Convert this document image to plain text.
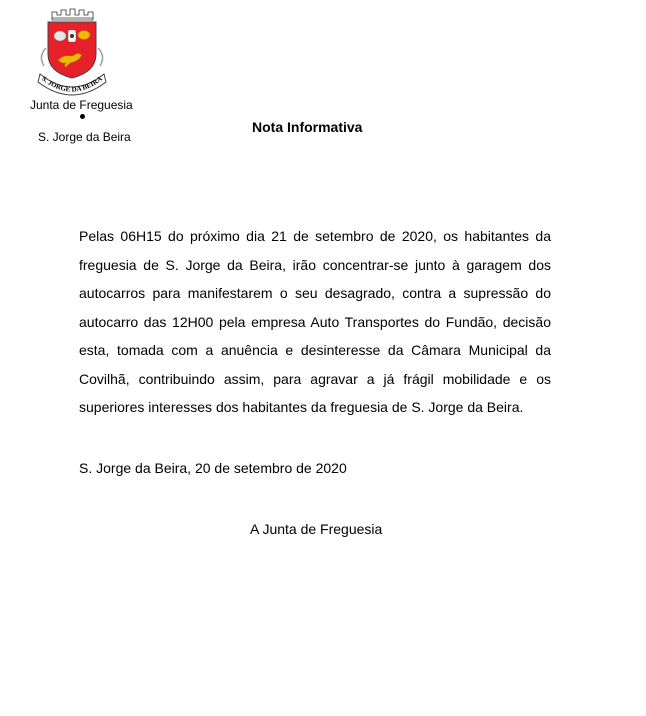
S. JORGE DA BEIRA
Junta de Freguesia
S. Jorge da Beira
Nota Informativa

Pelas 06H15 do próximo dia 21 de setembro de 2020, os habitantes da freguesia de S. Jorge da Beira, irão concentrar-se junto à garagem dos autocarros para manifestarem o seu desagrado, contra a supressão do autocarro das 12H00 pela empresa Auto Transportes do Fundão, decisão esta, tomada com a anuência e desinteresse da Câmara Municipal da Covilhã, contribuindo assim, para agravar a já frágil mobilidade e os superiores interesses dos habitantes da freguesia de S. Jorge da Beira.

S. Jorge da Beira, 20 de setembro de 2020
A Junta de Freguesia
